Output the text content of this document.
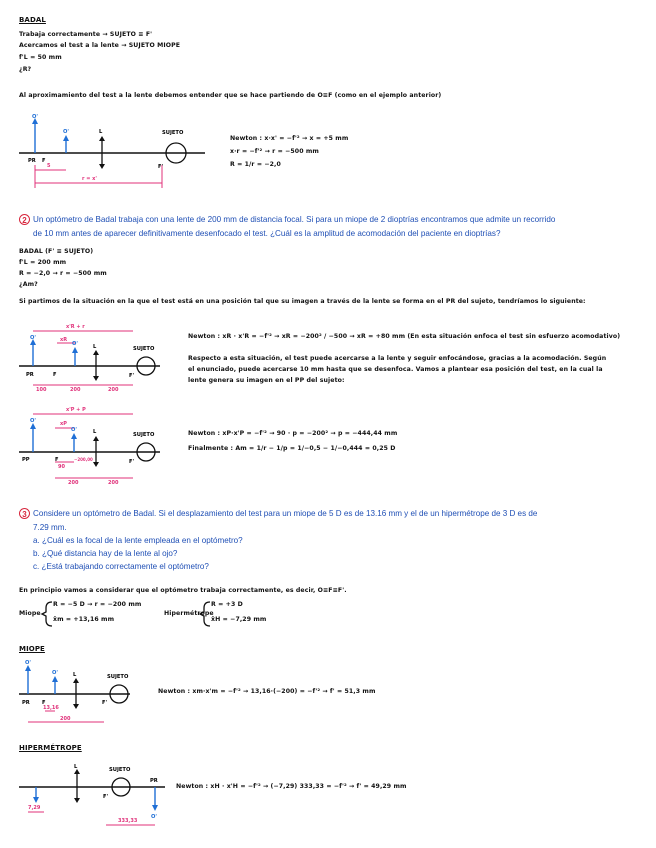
BADAL
Trabaja correctamente → SUJETO ≡ F'
Acercamos el test a la lente → SUJETO MIOPE
f'L = 50 mm
¿R?
Al aproximamiento del test a la lente debemos entender que se hace partiendo de O≡F (como en el ejemplo anterior)
O'
O'
PR F
L	SUJETO
F'
5
r = x'
Newton : x·x' = −f'² → x = +5 mm
x·r = −f'² → r = −500 mm
R = 1/r = −2,0
2 Un optómetro de Badal trabaja con una lente de 200 mm de distancia focal. Si para un miope de 2 dioptrías encontramos que admite un recorrido
de 10 mm antes de aparecer definitivamente desenfocado el test. ¿Cuál es la amplitud de acomodación del paciente en dioptrías?
BADAL (F' ≡ SUJETO)
f'L = 200 mm
R = −2,0 → r = −500 mm
¿Am?
Si partimos de la situación en la que el test está en una posición tal que su imagen a través de la lente se forma en el PR del sujeto, tendríamos lo siguiente:
x'R + r
xR
O'
O'
PR	F
L	SUJETO
F'
100	200	200
Newton : xR · x'R = −f'² → xR = −200² / −500 → xR = +80 mm (En esta situación enfoca el test sin esfuerzo acomodativo)
Respecto a esta situación, el test puede acercarse a la lente y seguir enfocándose, gracias a la acomodación. Según
el enunciado, puede acercarse 10 mm hasta que se desenfoca. Vamos a plantear esa posición del test, en la cual la
lente genera su imagen en el PP del sujeto:
x'P + P
xP
O'
O'
PP	F
L	SUJETO
F'
90
−200,00
200	200
Newton : xP·x'P = −f'² → 90 · p = −200² → p = −444,44 mm
Finalmente : Am = 1/r − 1/p = 1/−0,5 − 1/−0,444 = 0,25 D
3 Considere un optómetro de Badal. Si el desplazamiento del test para un miope de 5 D es de 13.16 mm y el de un hipermétrope de 3 D es de
7.29 mm.
a. ¿Cuál es la focal de la lente empleada en el optómetro?
b. ¿Qué distancia hay de la lente al ojo?
c. ¿Está trabajando correctamente el optómetro?
En principio vamos a considerar que el optómetro trabaja correctamente, es decir, O≡F≡F'.
Miope
R = −5 D → r = −200 mm
x̄m = +13,16 mm
Hipermétrope
R = +3 D
x̄H = −7,29 mm
MIOPE
O'
O'
PR F
L	SUJETO
F'
13,16
200
Newton : xm·x'm = −f'² → 13,16·(−200) = −f'² → f' = 51,3 mm
HIPERMÉTROPE
L	SUJETO
PR
O'
F'
7,29
333,33
Newton : xH · x'H = −f'² → (−7,29) 333,33 = −f'² → f' = 49,29 mm
